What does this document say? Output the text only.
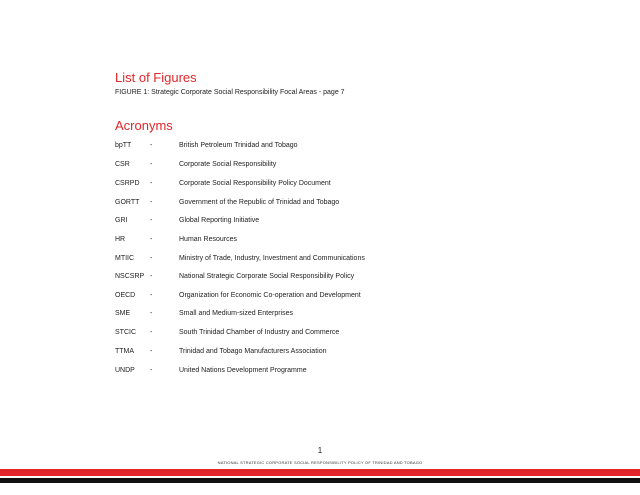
List of Figures
FIGURE 1: Strategic Corporate Social Responsibility Focal Areas - page 7
Acronyms
bpTT	-	British Petroleum Trinidad and Tobago
CSR	-	Corporate Social Responsibility
CSRPD -	Corporate Social Responsibility Policy Document
GORTT -	Government of the Republic of Trinidad and Tobago
GRI	-	Global Reporting Initiative
HR	-	Human Resources
MTIIC -	Ministry of Trade, Industry, Investment and Communications
NSCSRP -	National Strategic Corporate Social Responsibility Policy
OECD -	Organization for Economic Co-operation and Development
SME	-	Small and Medium-sized Enterprises
STCIC -	South Trinidad Chamber of Industry and Commerce
TTMA -	Trinidad and Tobago Manufacturers Association
UNDP -	United Nations Development Programme
1
NATIONAL STRATEGIC CORPORATE SOCIAL RESPONSIBILITY POLICY OF TRINIDAD AND TOBAGO
